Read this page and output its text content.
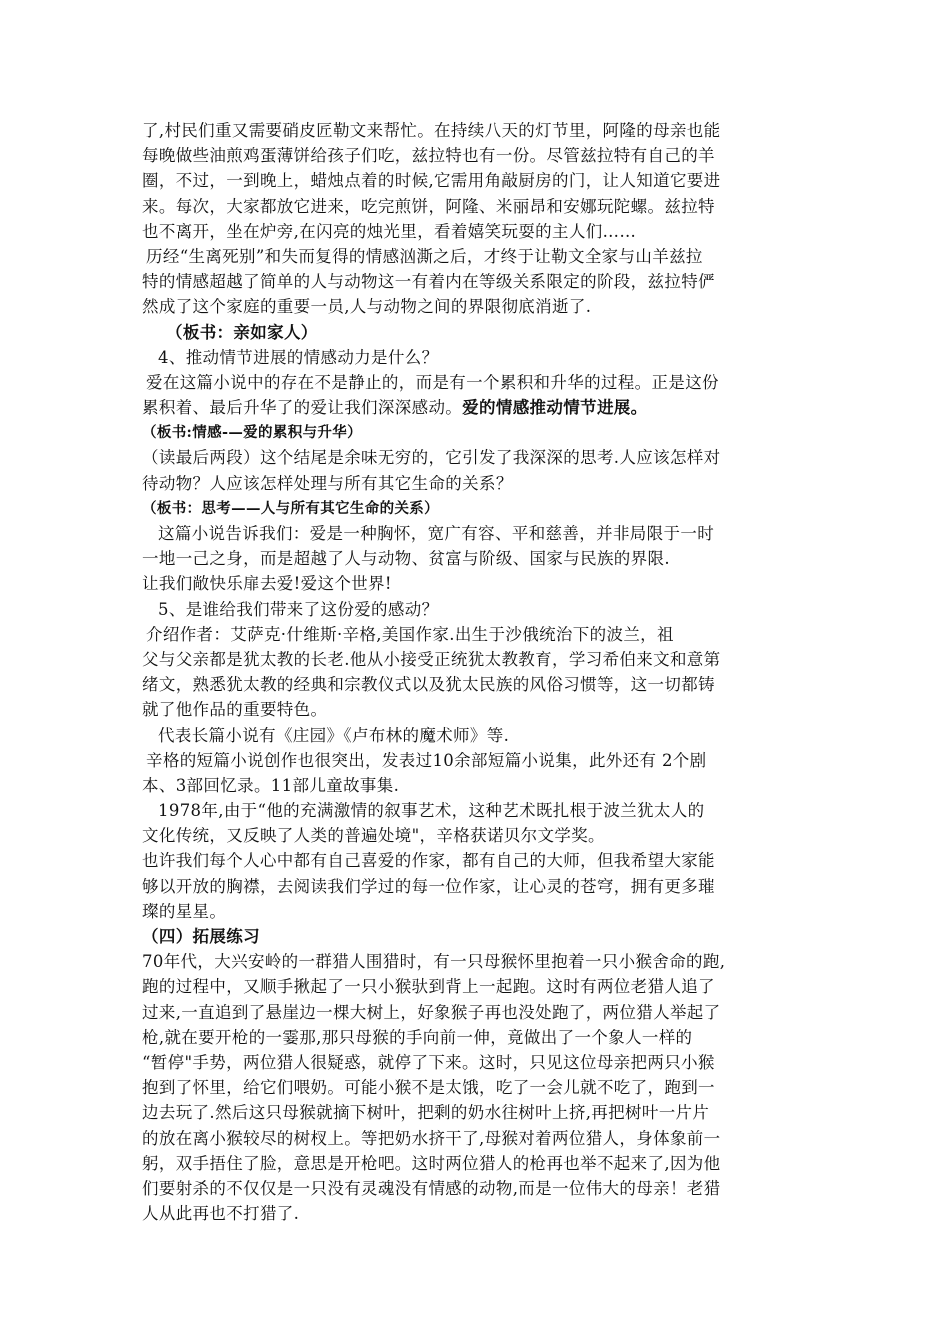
了,村民们重又需要硝皮匠勒文来帮忙。在持续八天的灯节里，阿隆的母亲也能
每晚做些油煎鸡蛋薄饼给孩子们吃，兹拉特也有一份。尽管兹拉特有自己的羊
圈，不过，一到晚上，蜡烛点着的时候,它需用角敲厨房的门，让人知道它要进
来。每次，大家都放它进来，吃完煎饼，阿隆、米丽昂和安娜玩陀螺。兹拉特
也不离开，坐在炉旁,在闪亮的烛光里，看着嬉笑玩耍的主人们……
历经“生离死别”和失而复得的情感汹澌之后，才终于让勒文全家与山羊兹拉
特的情感超越了简单的人与动物这一有着内在等级关系限定的阶段，兹拉特俨
然成了这个家庭的重要一员,人与动物之间的界限彻底消逝了.
（板书：亲如家人）
4、推动情节进展的情感动力是什么？
爱在这篇小说中的存在不是静止的，而是有一个累积和升华的过程。正是这份
累积着、最后升华了的爱让我们深深感动。爱的情感推动情节进展。
（板书:情感-—爱的累积与升华）
（读最后两段）这个结尾是余味无穷的，它引发了我深深的思考.人应该怎样对
待动物？人应该怎样处理与所有其它生命的关系？
（板书：思考——人与所有其它生命的关系）
这篇小说告诉我们：爱是一种胸怀，宽广有容、平和慈善，并非局限于一时
一地一己之身，而是超越了人与动物、贫富与阶级、国家与民族的界限.
让我们敞快乐扉去爱!爱这个世界!
5、是谁给我们带来了这份爱的感动？
介绍作者：艾萨克·什维斯·辛格,美国作家.出生于沙俄统治下的波兰，祖
父与父亲都是犹太教的长老.他从小接受正统犹太教教育，学习希伯来文和意第
绪文，熟悉犹太教的经典和宗教仪式以及犹太民族的风俗习惯等，这一切都铸
就了他作品的重要特色。
代表长篇小说有《庄园》《卢布林的魔术师》等.
辛格的短篇小说创作也很突出，发表过10余部短篇小说集，此外还有 2个剧
本、3部回忆录。11部儿童故事集.
1978年,由于“他的充满激情的叙事艺术，这种艺术既扎根于波兰犹太人的
文化传统，又反映了人类的普遍处境"，辛格获诺贝尔文学奖。
也许我们每个人心中都有自己喜爱的作家，都有自己的大师，但我希望大家能
够以开放的胸襟，去阅读我们学过的每一位作家，让心灵的苍穹，拥有更多璀
璨的星星。
（四）拓展练习
70年代，大兴安岭的一群猎人围猎时，有一只母猴怀里抱着一只小猴舍命的跑,
跑的过程中，又顺手揪起了一只小猴驮到背上一起跑。这时有两位老猎人追了
过来,一直追到了悬崖边一棵大树上，好象猴子再也没处跑了，两位猎人举起了
枪,就在要开枪的一霎那,那只母猴的手向前一伸，竟做出了一个象人一样的
“暂停"手势，两位猎人很疑惑，就停了下来。这时，只见这位母亲把两只小猴
抱到了怀里，给它们喂奶。可能小猴不是太饿，吃了一会儿就不吃了，跑到一
边去玩了.然后这只母猴就摘下树叶，把剩的奶水往树叶上挤,再把树叶一片片
的放在离小猴较尽的树杈上。等把奶水挤干了,母猴对着两位猎人，身体象前一
躬，双手捂住了脸，意思是开枪吧。这时两位猎人的枪再也举不起来了,因为他
们要射杀的不仅仅是一只没有灵魂没有情感的动物,而是一位伟大的母亲！老猎
人从此再也不打猎了.
